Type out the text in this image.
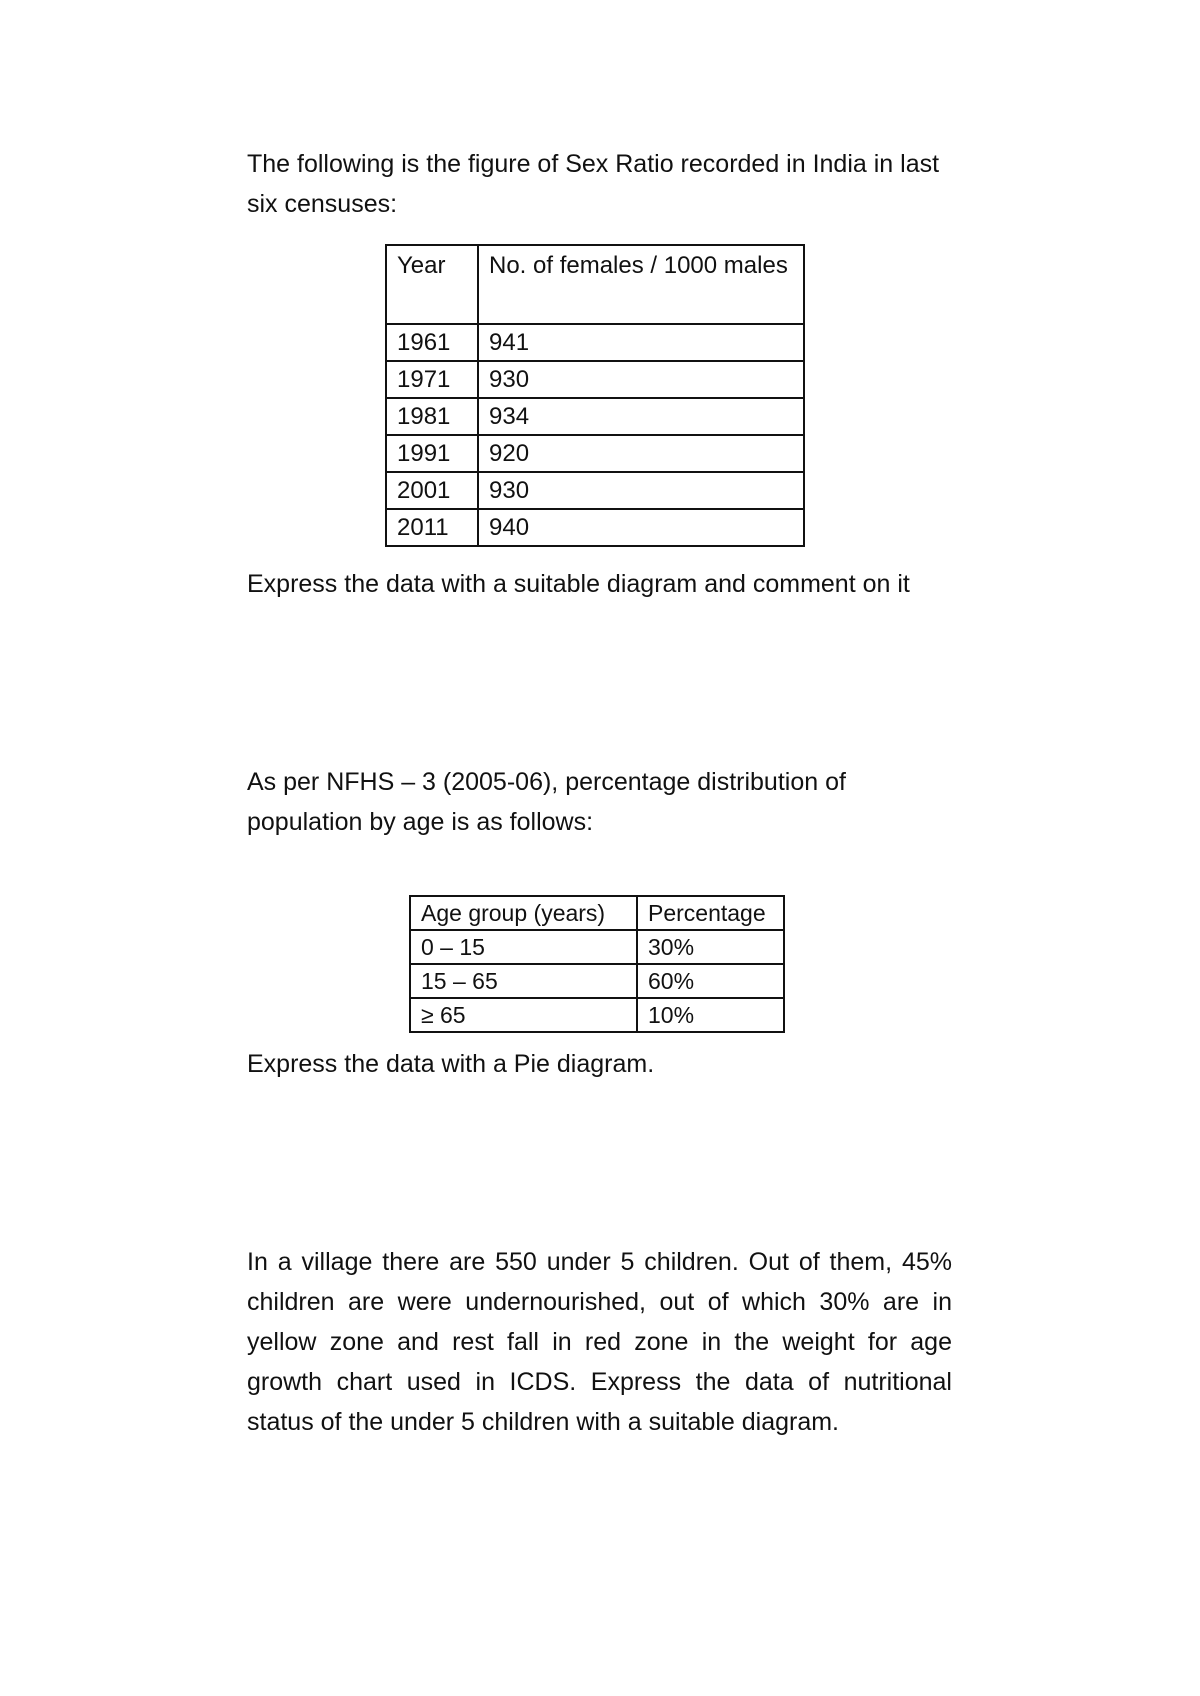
The following is the figure of Sex Ratio recorded in India in last six censuses:

Year	No. of females / 1000 males
1961	941
1971	930
1981	934
1991	920
2001	930
2011	940

Express the data with a suitable diagram and comment on it

As per NFHS – 3 (2005-06), percentage distribution of population by age is as follows:

Age group (years)	Percentage
0 – 15	30%
15 – 65	60%
≥ 65	10%

Express the data with a Pie diagram.

In a village there are 550 under 5 children. Out of them, 45% children are were undernourished, out of which 30% are in yellow zone and rest fall in red zone in the weight for age growth chart used in ICDS. Express the data of nutritional status of the under 5 children with a suitable diagram.
